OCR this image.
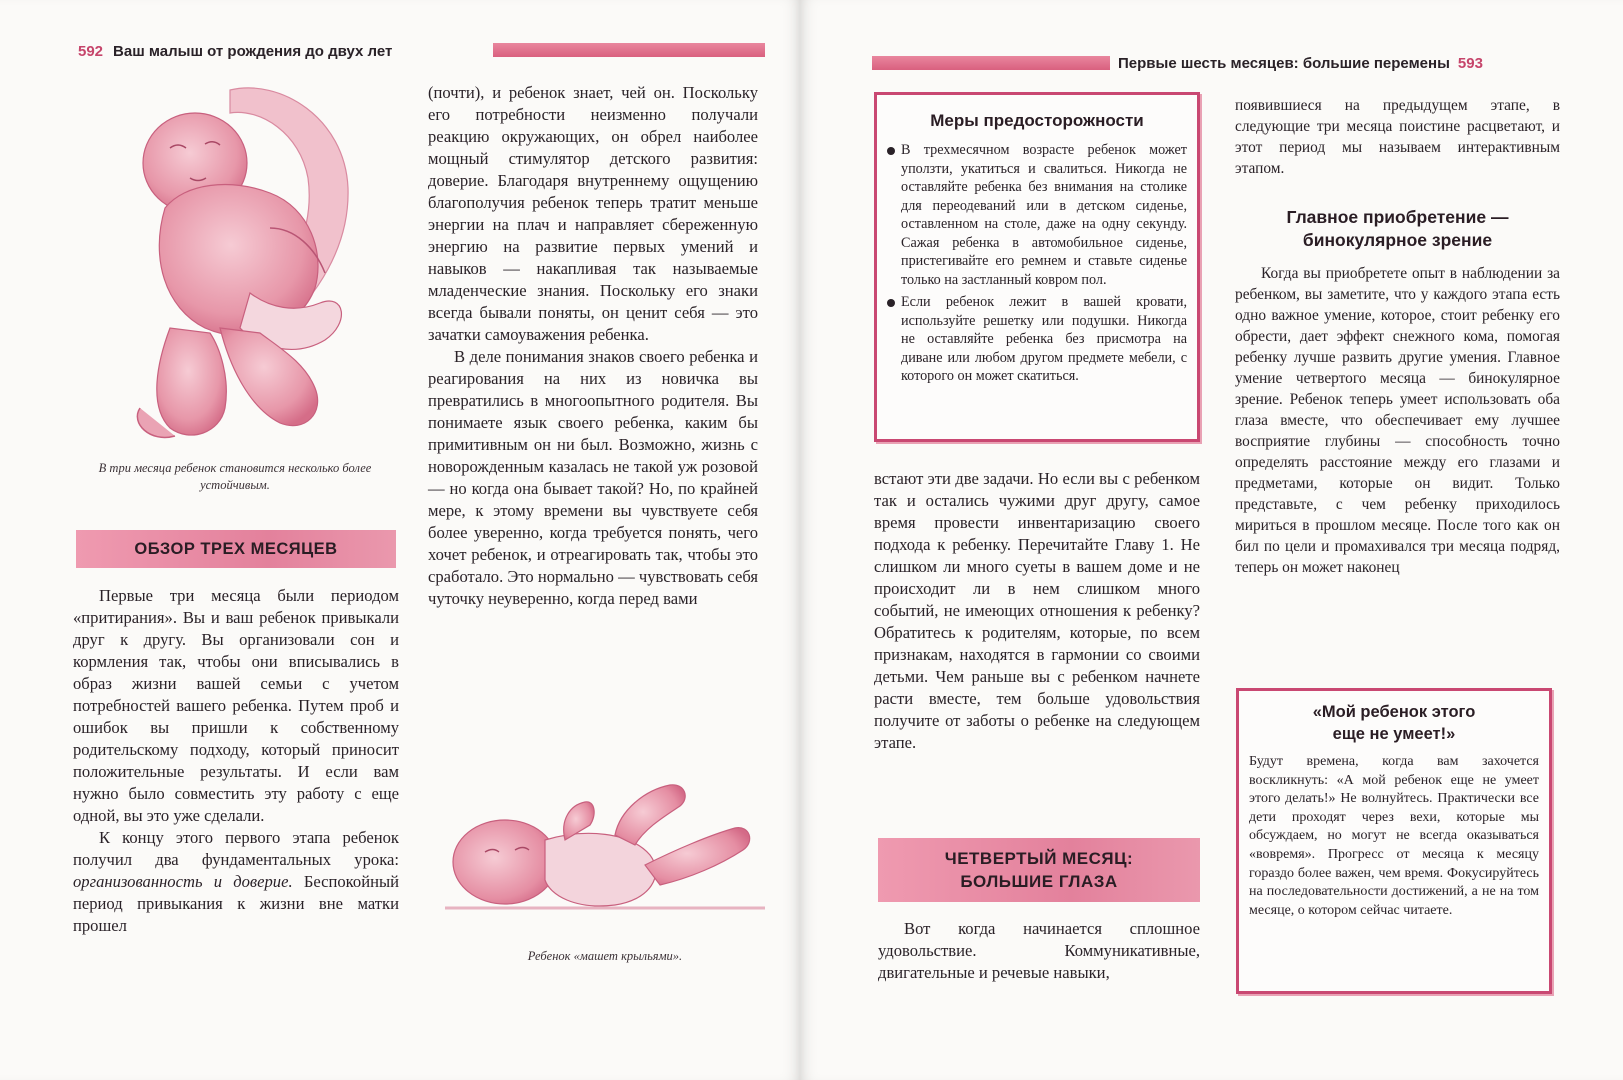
592 Ваш малыш от рождения до двух лет
В три месяца ребенок становится несколько более устойчивым.
ОБЗОР ТРЕХ МЕСЯЦЕВ

Первые три месяца были периодом «притирания». Вы и ваш ребенок привыкали друг к другу. Вы организовали сон и кормления так, чтобы они вписывались в образ жизни вашей семьи с учетом потребностей вашего ребенка. Путем проб и ошибок вы пришли к собственному родительскому подходу, который приносит положительные результаты. И если вам нужно было совместить эту работу с еще одной, вы это уже сделали.

К концу этого первого этапа ребенок получил два фундаментальных урока: организованность и доверие. Беспокойный период привыкания к жизни вне матки прошел

(почти), и ребенок знает, чей он. Поскольку его потребности неизменно получали реакцию окружающих, он обрел наиболее мощный стимулятор детского развития: доверие. Благодаря внутреннему ощущению благополучия ребенок теперь тратит меньше энергии на плач и направляет сбереженную энергию на развитие первых умений и навыков — накапливая так называемые младенческие знания. Поскольку его знаки всегда бывали поняты, он ценит себя — это зачатки самоуважения ребенка.

В деле понимания знаков своего ребенка и реагирования на них из новичка вы превратились в многоопытного родителя. Вы понимаете язык своего ребенка, каким бы примитивным он ни был. Возможно, жизнь с новорожденным казалась не такой уж розовой — но когда она бывает такой? Но, по крайней мере, к этому времени вы чувствуете себя более уверенно, когда требуется понять, чего хочет ребенок, и отреагировать так, чтобы это сработало. Это нормально — чувствовать себя чуточку неуверенно, когда перед вами

Ребенок «машет крыльями».
Первые шесть месяцев: большие перемены 593
Меры предосторожности
В трехмесячном возрасте ребенок может уползти, укатиться и свалиться. Никогда не оставляйте ребенка без внимания на столике для переодеваний или в детском сиденье, оставленном на столе, даже на одну секунду. Сажая ребенка в автомобильное сиденье, пристегивайте его ремнем и ставьте сиденье только на застланный ковром пол.
Если ребенок лежит в вашей кровати, используйте решетку или подушки. Никогда не оставляйте ребенка без присмотра на диване или любом другом предмете мебели, с которого он может скатиться.

встают эти две задачи. Но если вы с ребенком так и остались чужими друг другу, самое время провести инвентаризацию своего подхода к ребенку. Перечитайте Главу 1. Не слишком ли много суеты в вашем доме и не происходит ли в нем слишком много событий, не имеющих отношения к ребенку? Обратитесь к родителям, которые, по всем признакам, находятся в гармонии со своими детьми. Чем раньше вы с ребенком начнете расти вместе, тем больше удовольствия получите от заботы о ребенке на следующем этапе.

ЧЕТВЕРТЫЙ МЕСЯЦ:
БОЛЬШИЕ ГЛАЗА

Вот когда начинается сплошное удовольствие. Коммуникативные, двигательные и речевые навыки,

появившиеся на предыдущем этапе, в следующие три месяца поистине расцветают, и этот период мы называем интерактивным этапом.

Главное приобретение —
бинокулярное зрение

Когда вы приобретете опыт в наблюдении за ребенком, вы заметите, что у каждого этапа есть одно важное умение, которое, стоит ребенку его обрести, дает эффект снежного кома, помогая ребенку лучше развить другие умения. Главное умение четвертого месяца — бинокулярное зрение. Ребенок теперь умеет использовать оба глаза вместе, что обеспечивает ему лучшее восприятие глубины — способность точно определять расстояние между его глазами и предметами, которые он видит. Только представьте, с чем ребенку приходилось мириться в прошлом месяце. После того как он бил по цели и промахивался три месяца подряд, теперь он может наконец

«Мой ребенок этого
еще не умеет!»
Будут времена, когда вам захочется воскликнуть: «А мой ребенок еще не умеет этого делать!» Не волнуйтесь. Практически все дети проходят через вехи, которые мы обсуждаем, но могут не всегда оказываться «вовремя». Прогресс от месяца к месяцу гораздо более важен, чем время. Фокусируйтесь на последовательности достижений, а не на том месяце, о котором сейчас читаете.
